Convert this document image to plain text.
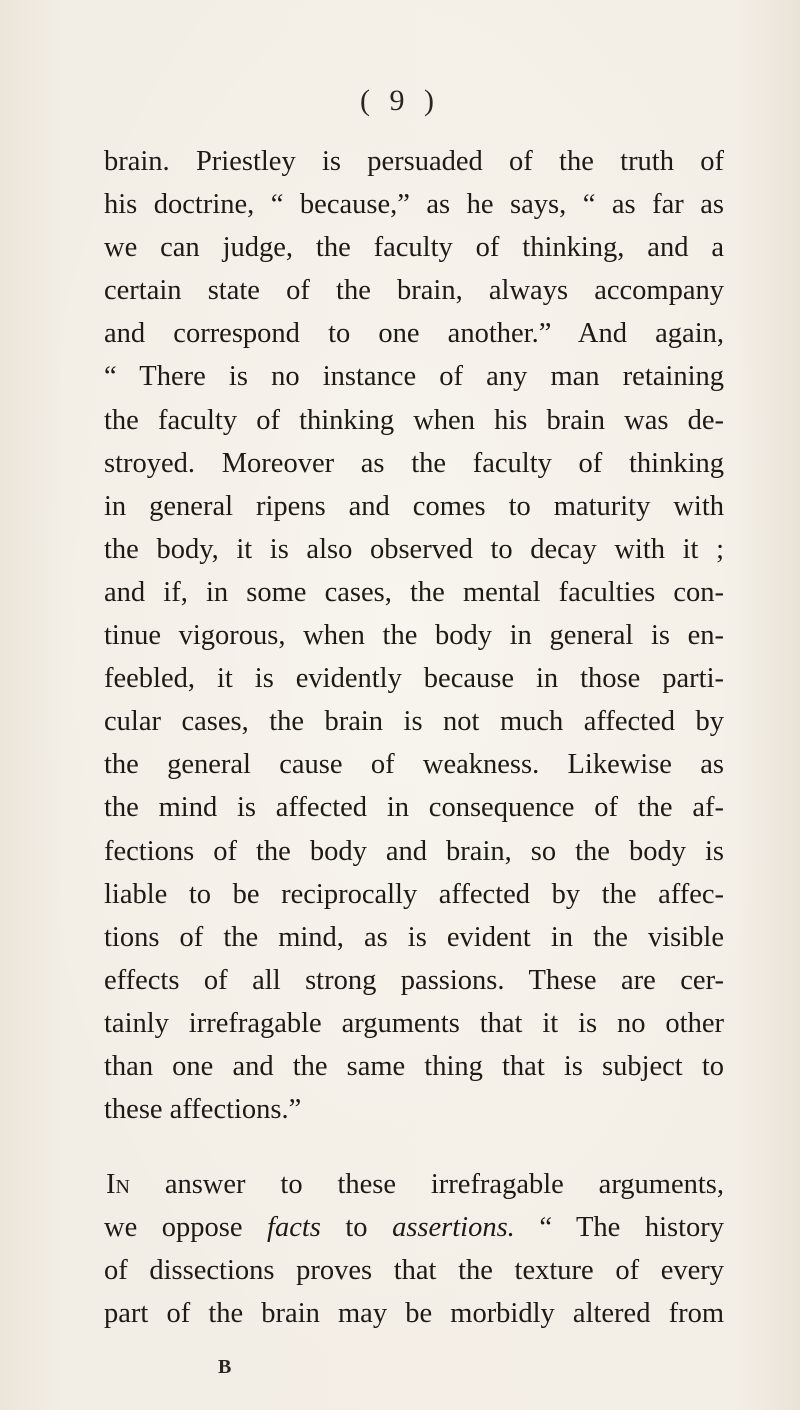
( 9 )
brain. Priestley is persuaded of the truth of
his doctrine, “ because,” as he says, “ as far as
we can judge, the faculty of thinking, and a
certain state of the brain, always accompany
and correspond to one another.” And again,
“ There is no instance of any man retaining
the faculty of thinking when his brain was de-
stroyed. Moreover as the faculty of thinking
in general ripens and comes to maturity with
the body, it is also observed to decay with it ;
and if, in some cases, the mental faculties con-
tinue vigorous, when the body in general is en-
feebled, it is evidently because in those parti-
cular cases, the brain is not much affected by
the general cause of weakness. Likewise as
the mind is affected in consequence of the af-
fections of the body and brain, so the body is
liable to be reciprocally affected by the affec-
tions of the mind, as is evident in the visible
effects of all strong passions. These are cer-
tainly irrefragable arguments that it is no other
than one and the same thing that is subject to
these affections.”
In answer to these irrefragable arguments,
we oppose facts to assertions. “ The history
of dissections proves that the texture of every
part of the brain may be morbidly altered from
B
